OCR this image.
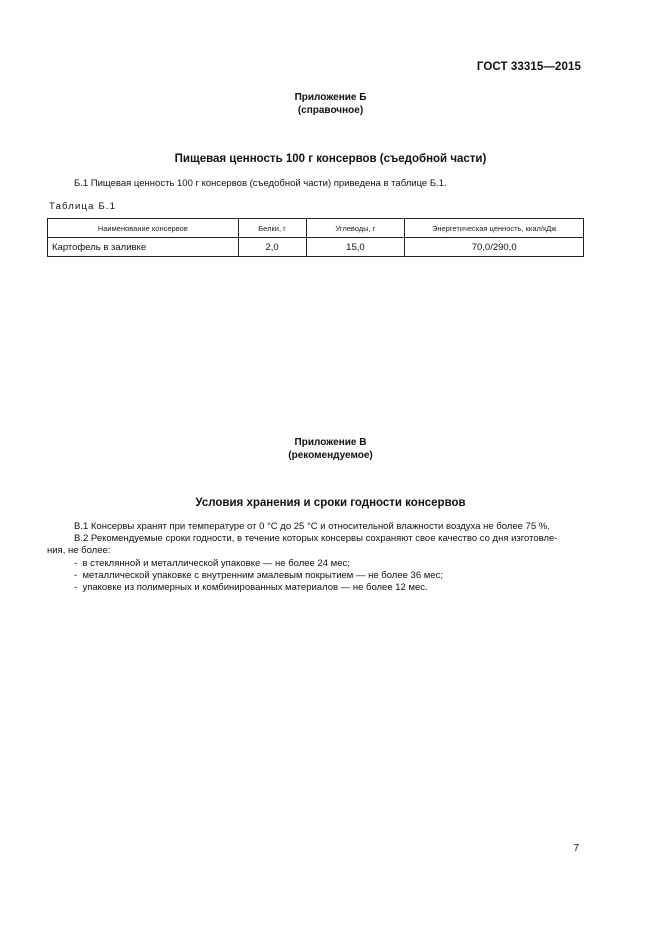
ГОСТ 33315—2015
Приложение Б
(справочное)
Пищевая ценность 100 г консервов (съедобной части)
Б.1 Пищевая ценность 100 г консервов (съедобной части) приведена в таблице Б.1.
Таблица Б.1
Наименование консервов	Белки, г	Углеводы, г	Энергетическая ценность, ккал/кДж
Картофель в заливке	2,0	15,0	70,0/290,0
Приложение В
(рекомендуемое)
Условия хранения и сроки годности консервов
В.1 Консервы хранят при температуре от 0 °С до 25 °С и относительной влажности воздуха не более 75 %.
В.2 Рекомендуемые сроки годности, в течение которых консервы сохраняют свое качество со дня изготовле-
ния, не более:
- в стеклянной и металлической упаковке — не более 24 мес;
- металлической упаковке с внутренним эмалевым покрытием — не более 36 мес;
- упаковке из полимерных и комбинированных материалов — не более 12 мес.
7
